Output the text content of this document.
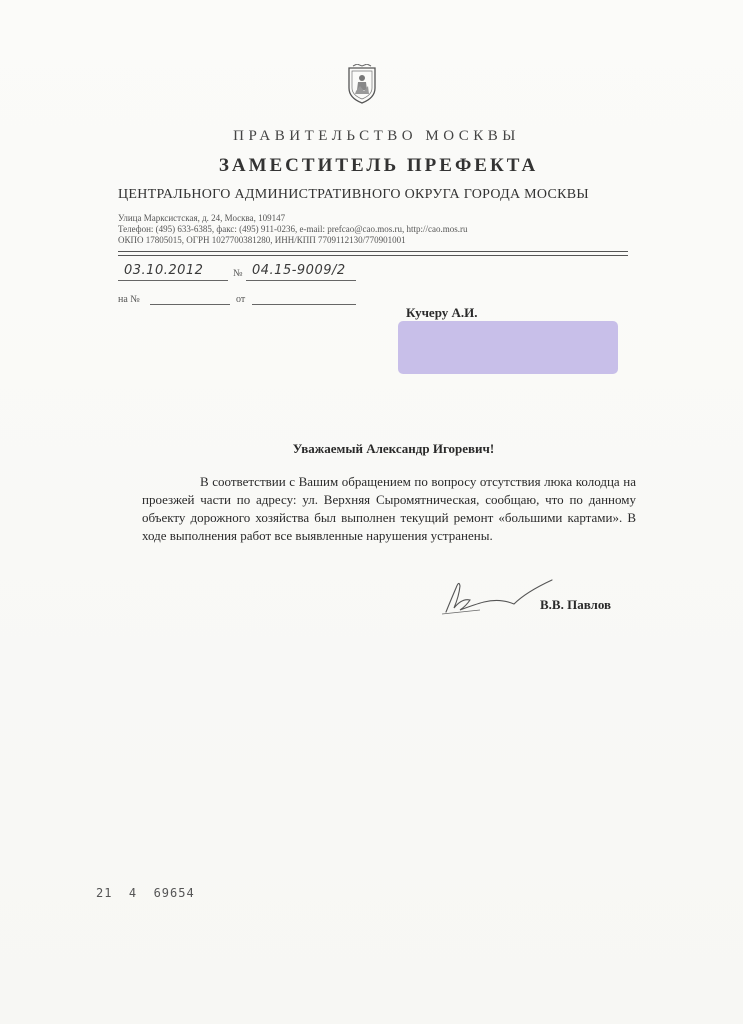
ПРАВИТЕЛЬСТВО МОСКВЫ
ЗАМЕСТИТЕЛЬ ПРЕФЕКТА
ЦЕНТРАЛЬНОГО АДМИНИСТРАТИВНОГО ОКРУГА ГОРОДА МОСКВЫ
Улица Марксистская, д. 24, Москва, 109147
Телефон: (495) 633-6385, факс: (495) 911-0236, e-mail: prefcao@cao.mos.ru, http://cao.mos.ru
ОКПО 17805015, ОГРН 1027700381280, ИНН/КПП 7709112130/770901001
03.10.2012	№ 04.15-9009/2
на №	от
Кучеру А.И.
Уважаемый Александр Игоревич!
В соответствии с Вашим обращением по вопросу отсутствия люка колодца на проезжей части по адресу: ул. Верхняя Сыромятническая, сообщаю, что по данному объекту дорожного хозяйства был выполнен текущий ремонт «большими картами». В ходе выполнения работ все выявленные нарушения устранены.
В.В. Павлов
21  4  69654
